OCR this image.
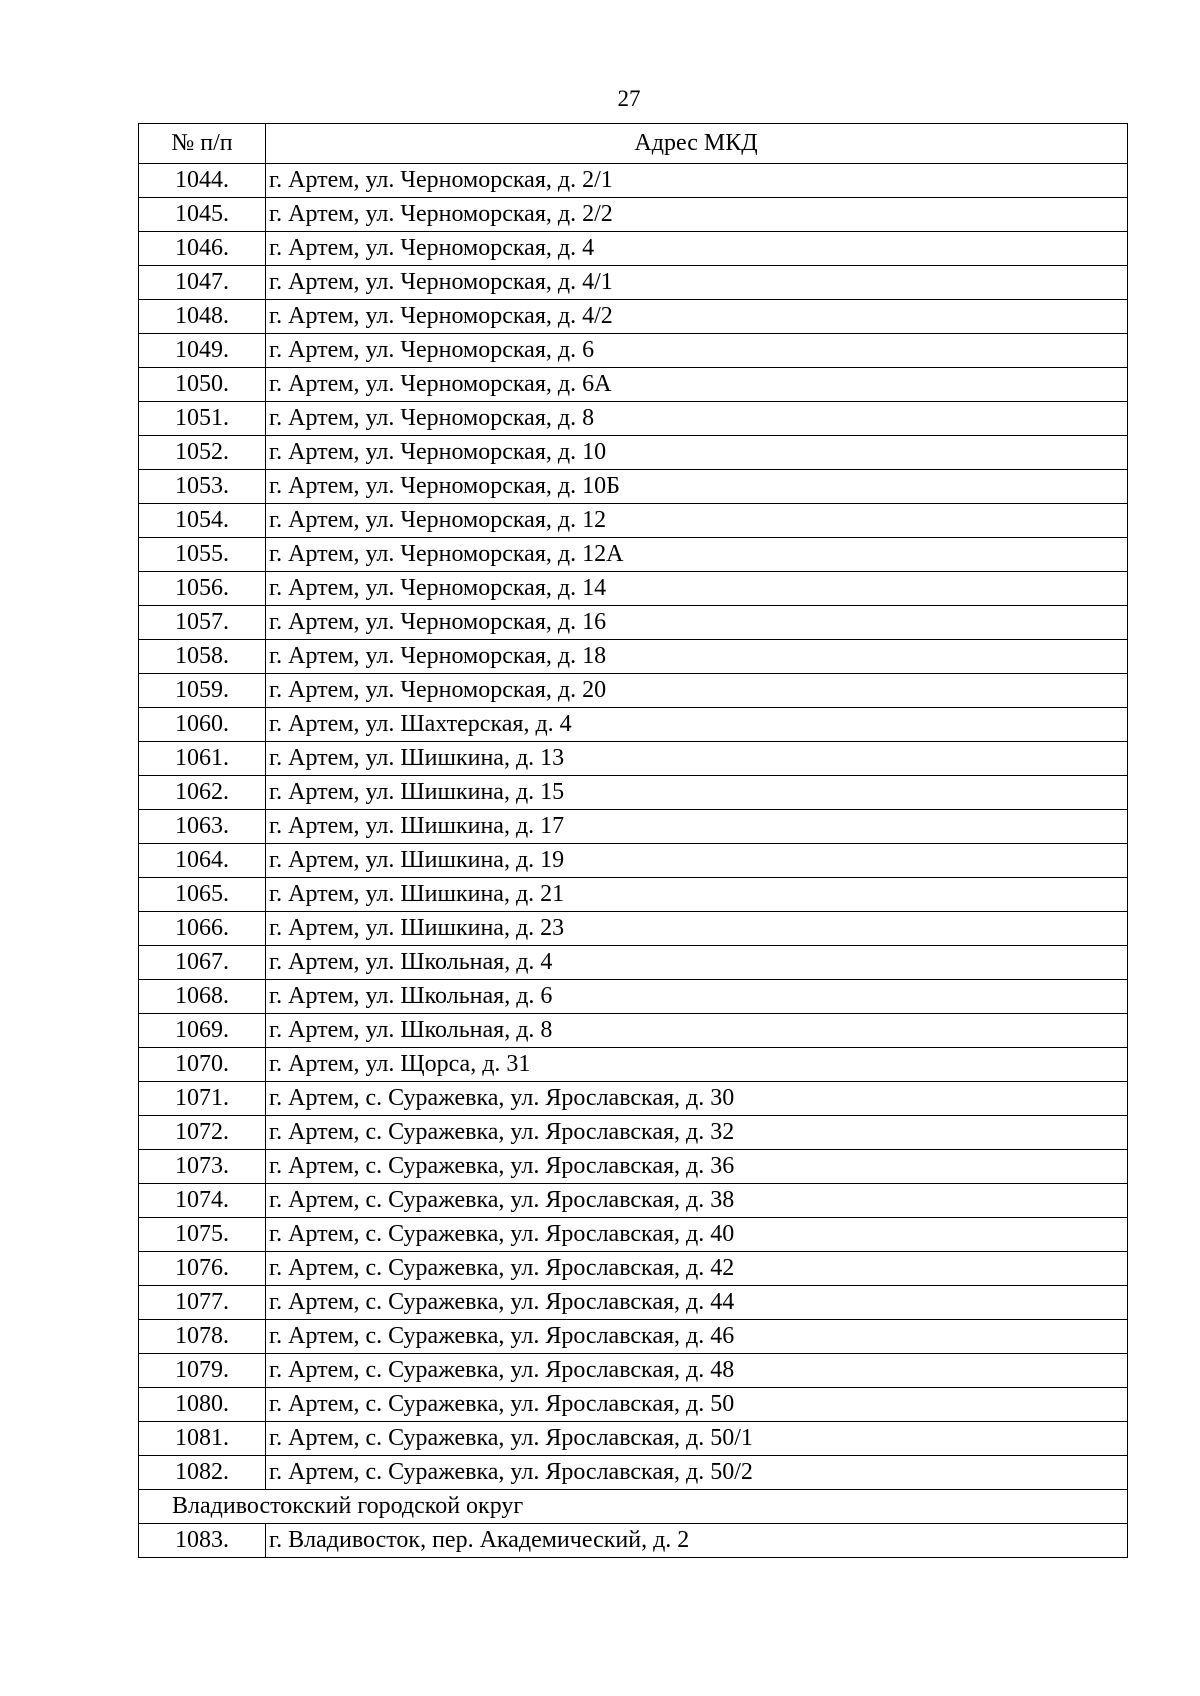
27
№ п/п	Адрес МКД
1044.	г. Артем, ул. Черноморская, д. 2/1
1045.	г. Артем, ул. Черноморская, д. 2/2
1046.	г. Артем, ул. Черноморская, д. 4
1047.	г. Артем, ул. Черноморская, д. 4/1
1048.	г. Артем, ул. Черноморская, д. 4/2
1049.	г. Артем, ул. Черноморская, д. 6
1050.	г. Артем, ул. Черноморская, д. 6А
1051.	г. Артем, ул. Черноморская, д. 8
1052.	г. Артем, ул. Черноморская, д. 10
1053.	г. Артем, ул. Черноморская, д. 10Б
1054.	г. Артем, ул. Черноморская, д. 12
1055.	г. Артем, ул. Черноморская, д. 12А
1056.	г. Артем, ул. Черноморская, д. 14
1057.	г. Артем, ул. Черноморская, д. 16
1058.	г. Артем, ул. Черноморская, д. 18
1059.	г. Артем, ул. Черноморская, д. 20
1060.	г. Артем, ул. Шахтерская, д. 4
1061.	г. Артем, ул. Шишкина, д. 13
1062.	г. Артем, ул. Шишкина, д. 15
1063.	г. Артем, ул. Шишкина, д. 17
1064.	г. Артем, ул. Шишкина, д. 19
1065.	г. Артем, ул. Шишкина, д. 21
1066.	г. Артем, ул. Шишкина, д. 23
1067.	г. Артем, ул. Школьная, д. 4
1068.	г. Артем, ул. Школьная, д. 6
1069.	г. Артем, ул. Школьная, д. 8
1070.	г. Артем, ул. Щорса, д. 31
1071.	г. Артем, с. Суражевка, ул. Ярославская, д. 30
1072.	г. Артем, с. Суражевка, ул. Ярославская, д. 32
1073.	г. Артем, с. Суражевка, ул. Ярославская, д. 36
1074.	г. Артем, с. Суражевка, ул. Ярославская, д. 38
1075.	г. Артем, с. Суражевка, ул. Ярославская, д. 40
1076.	г. Артем, с. Суражевка, ул. Ярославская, д. 42
1077.	г. Артем, с. Суражевка, ул. Ярославская, д. 44
1078.	г. Артем, с. Суражевка, ул. Ярославская, д. 46
1079.	г. Артем, с. Суражевка, ул. Ярославская, д. 48
1080.	г. Артем, с. Суражевка, ул. Ярославская, д. 50
1081.	г. Артем, с. Суражевка, ул. Ярославская, д. 50/1
1082.	г. Артем, с. Суражевка, ул. Ярославская, д. 50/2
Владивостокский городской округ	
1083.	г. Владивосток, пер. Академический, д. 2
